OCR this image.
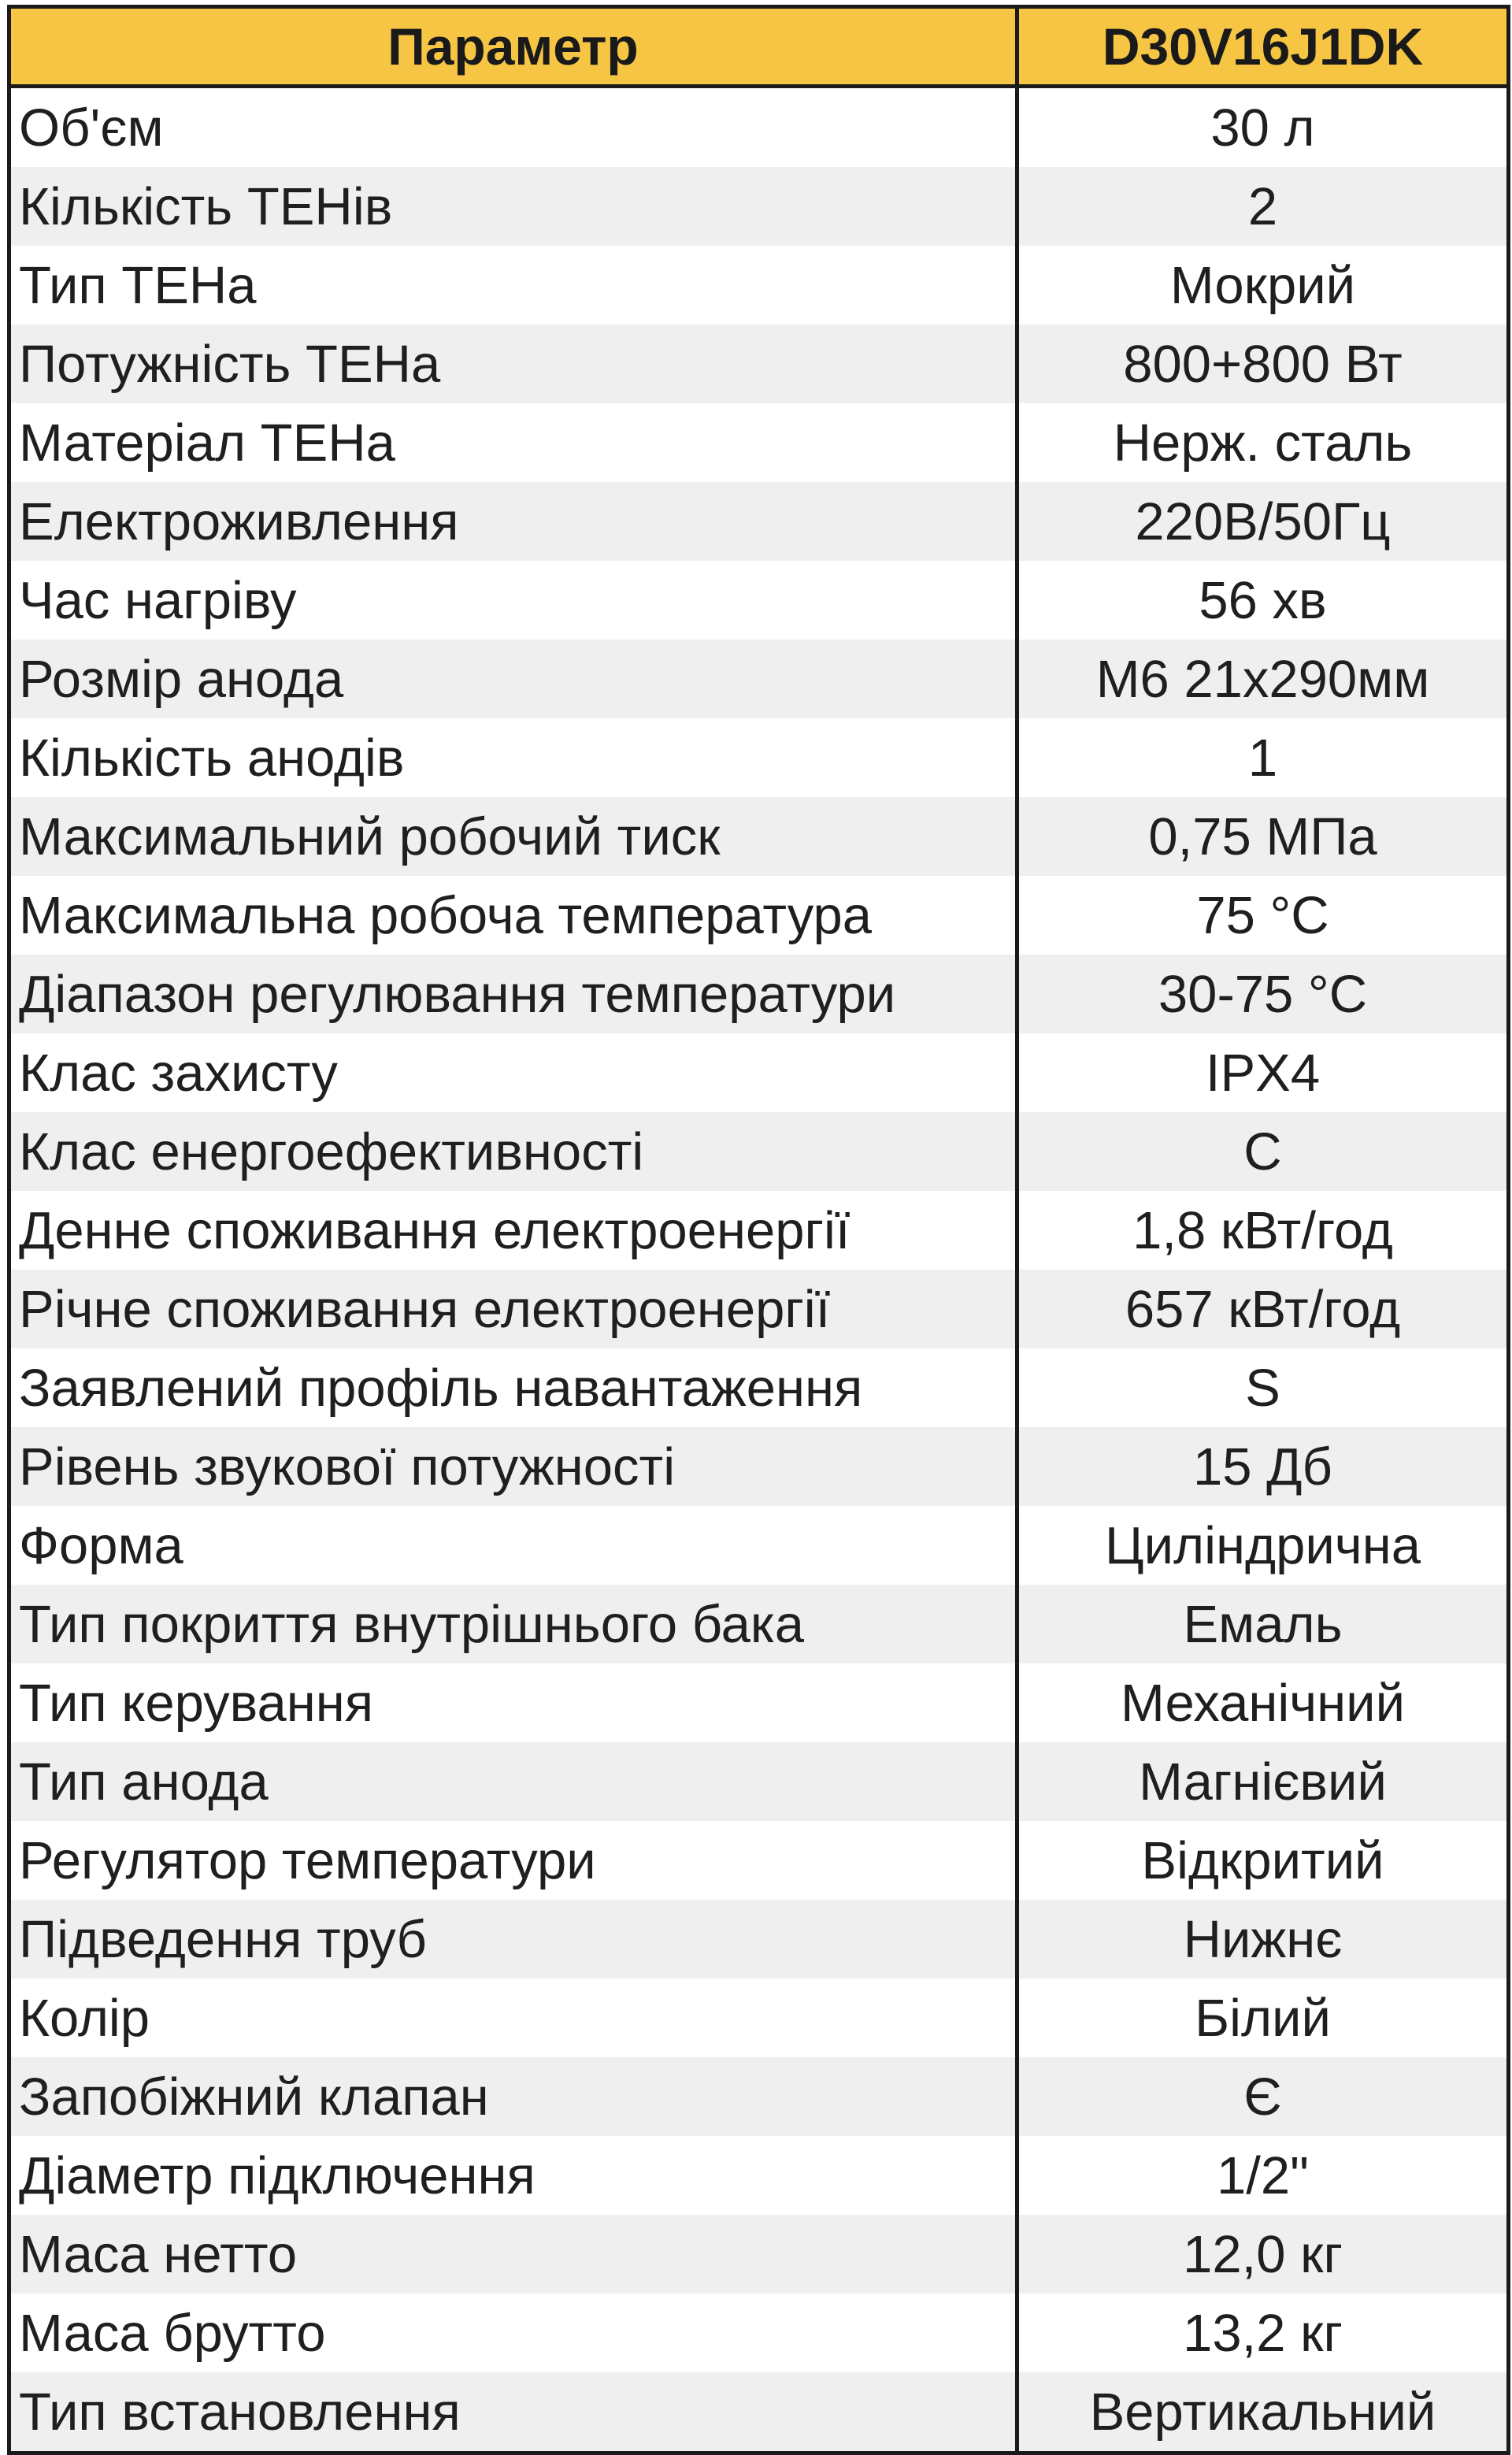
Параметр	D30V16J1DK
Об'єм	30 л
Кількість ТЕНів	2
Тип ТЕНа	Мокрий
Потужність ТЕНа	800+800 Вт
Матеріал ТЕНа	Нерж. сталь
Електроживлення	220В/50Гц
Час нагріву	56 хв
Розмір анода	М6 21х290мм
Кількість анодів	1
Максимальний робочий тиск	0,75 МПа
Максимальна робоча температура	75 °С
Діапазон регулювання температури	30-75 °С
Клас захисту	IPX4
Клас енергоефективності	C
Денне споживання електроенергії	1,8 кВт/год
Річне споживання електроенергії	657 кВт/год
Заявлений профіль навантаження	S
Рівень звукової потужності	15 Дб
Форма	Циліндрична
Тип покриття внутрішнього бака	Емаль
Тип керування	Механічний
Тип анода	Магнієвий
Регулятор температури	Відкритий
Підведення труб	Нижнє
Колір	Білий
Запобіжний клапан	Є
Діаметр підключення	1/2"
Маса нетто	12,0 кг
Маса брутто	13,2 кг
Тип встановлення	Вертикальний
